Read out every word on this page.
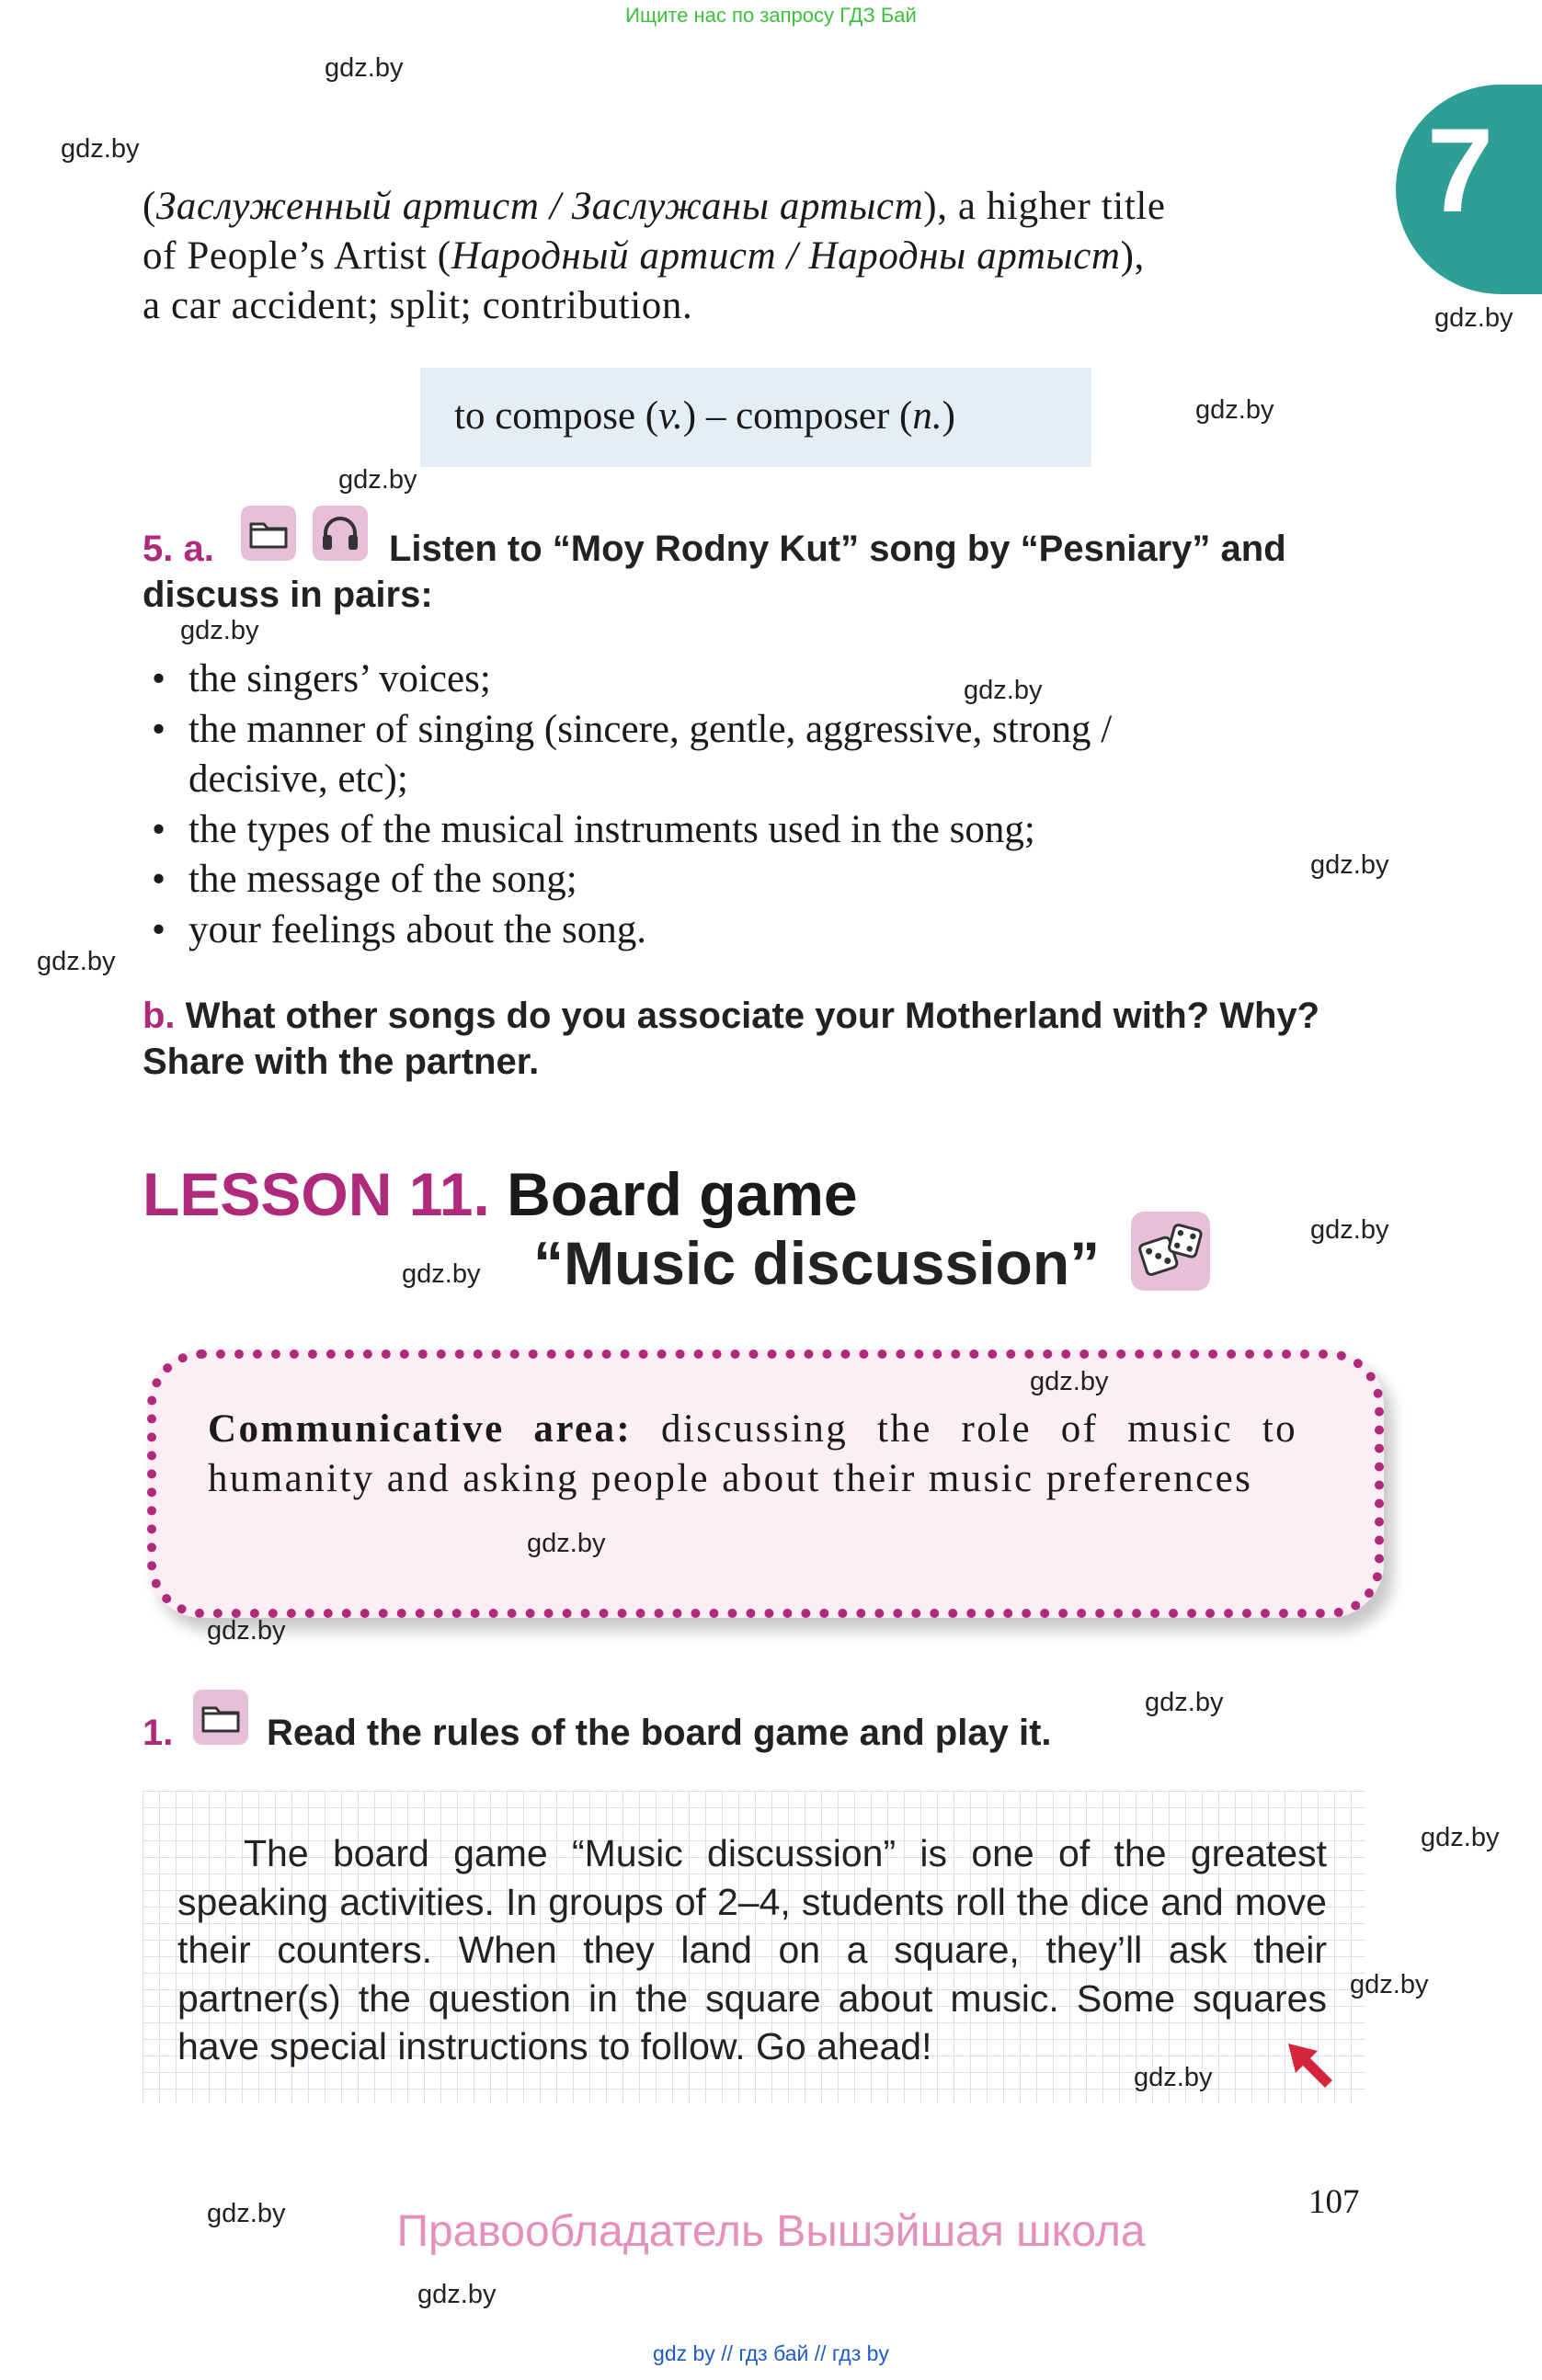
Ищите нас по запросу ГДЗ Бай
7
(Заслуженный артист / Заслужаны артыст), a higher title
of People’s Artist (Народный артист / Народны артыст),
a car accident; split; contribution.
to compose (v.) – composer (n.)
5. a.	Listen to “Moy Rodny Kut” song by “Pesniary” and
discuss in pairs:
• the singers’ voices;
• the manner of singing (sincere, gentle, aggressive, strong /
decisive, etc);
• the types of the musical instruments used in the song;
• the message of the song;
• your feelings about the song.
b. What other songs do you associate your Motherland with? Why?
Share with the partner.
LESSON 11. Board game
“Music discussion”
Communicative area: discussing the role of music to humanity and asking people about their music preferences
1.	Read the rules of the board game and play it.
The board game “Music discussion” is one of the greatest speaking activities. In groups of 2–4, students roll the dice and move their counters. When they land on a square, they’ll ask their partner(s) the question in the square about music. Some squares have special instructions to follow. Go ahead!
107
Правообладатель Вышэйшая школа
gdz by // гдз бай // гдз by
gdz.by
gdz.by
gdz.by
gdz.by
gdz.by
gdz.by
gdz.by
gdz.by
gdz.by
gdz.by
gdz.by
gdz.by
gdz.by
gdz.by
gdz.by
gdz.by
gdz.by
gdz.by
gdz.by
gdz.by
